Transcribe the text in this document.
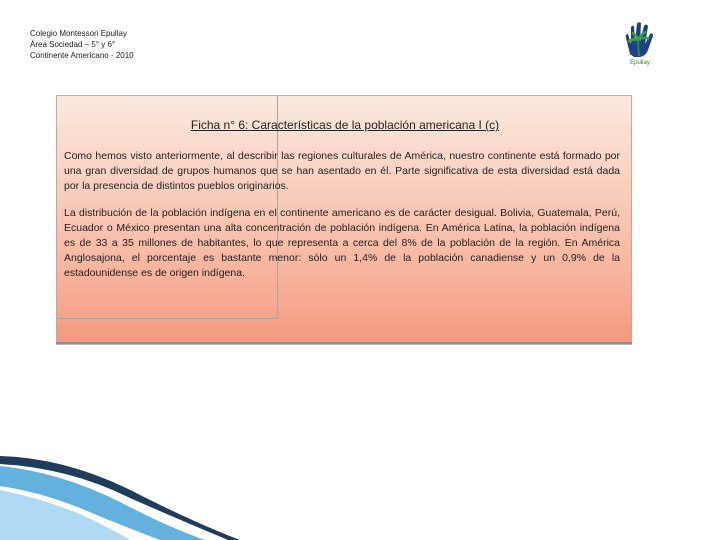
Colegio Montessori Epullay
Área Sociedad – 5° y 6°
Continente Americano - 2010
Epullay
Ficha n° 6: Características de la población americana I (c)

Como hemos visto anteriormente, al describir las regiones culturales de América, nuestro continente está formado por una gran diversidad de grupos humanos que se han asentado en él. Parte significativa de esta diversidad está dada por la presencia de distintos pueblos originarios.

La distribución de la población indígena en el continente americano es de carácter desigual. Bolivia, Guatemala, Perú, Ecuador o México presentan una alta concentración de población indígena. En América Latina, la población indígena es de 33 a 35 millones de habitantes, lo que representa a cerca del 8% de la población de la región. En América Anglosajona, el porcentaje es bastante menor: sólo un 1,4% de la población canadiense y un 0,9% de la estadounidense es de origen indígena.
